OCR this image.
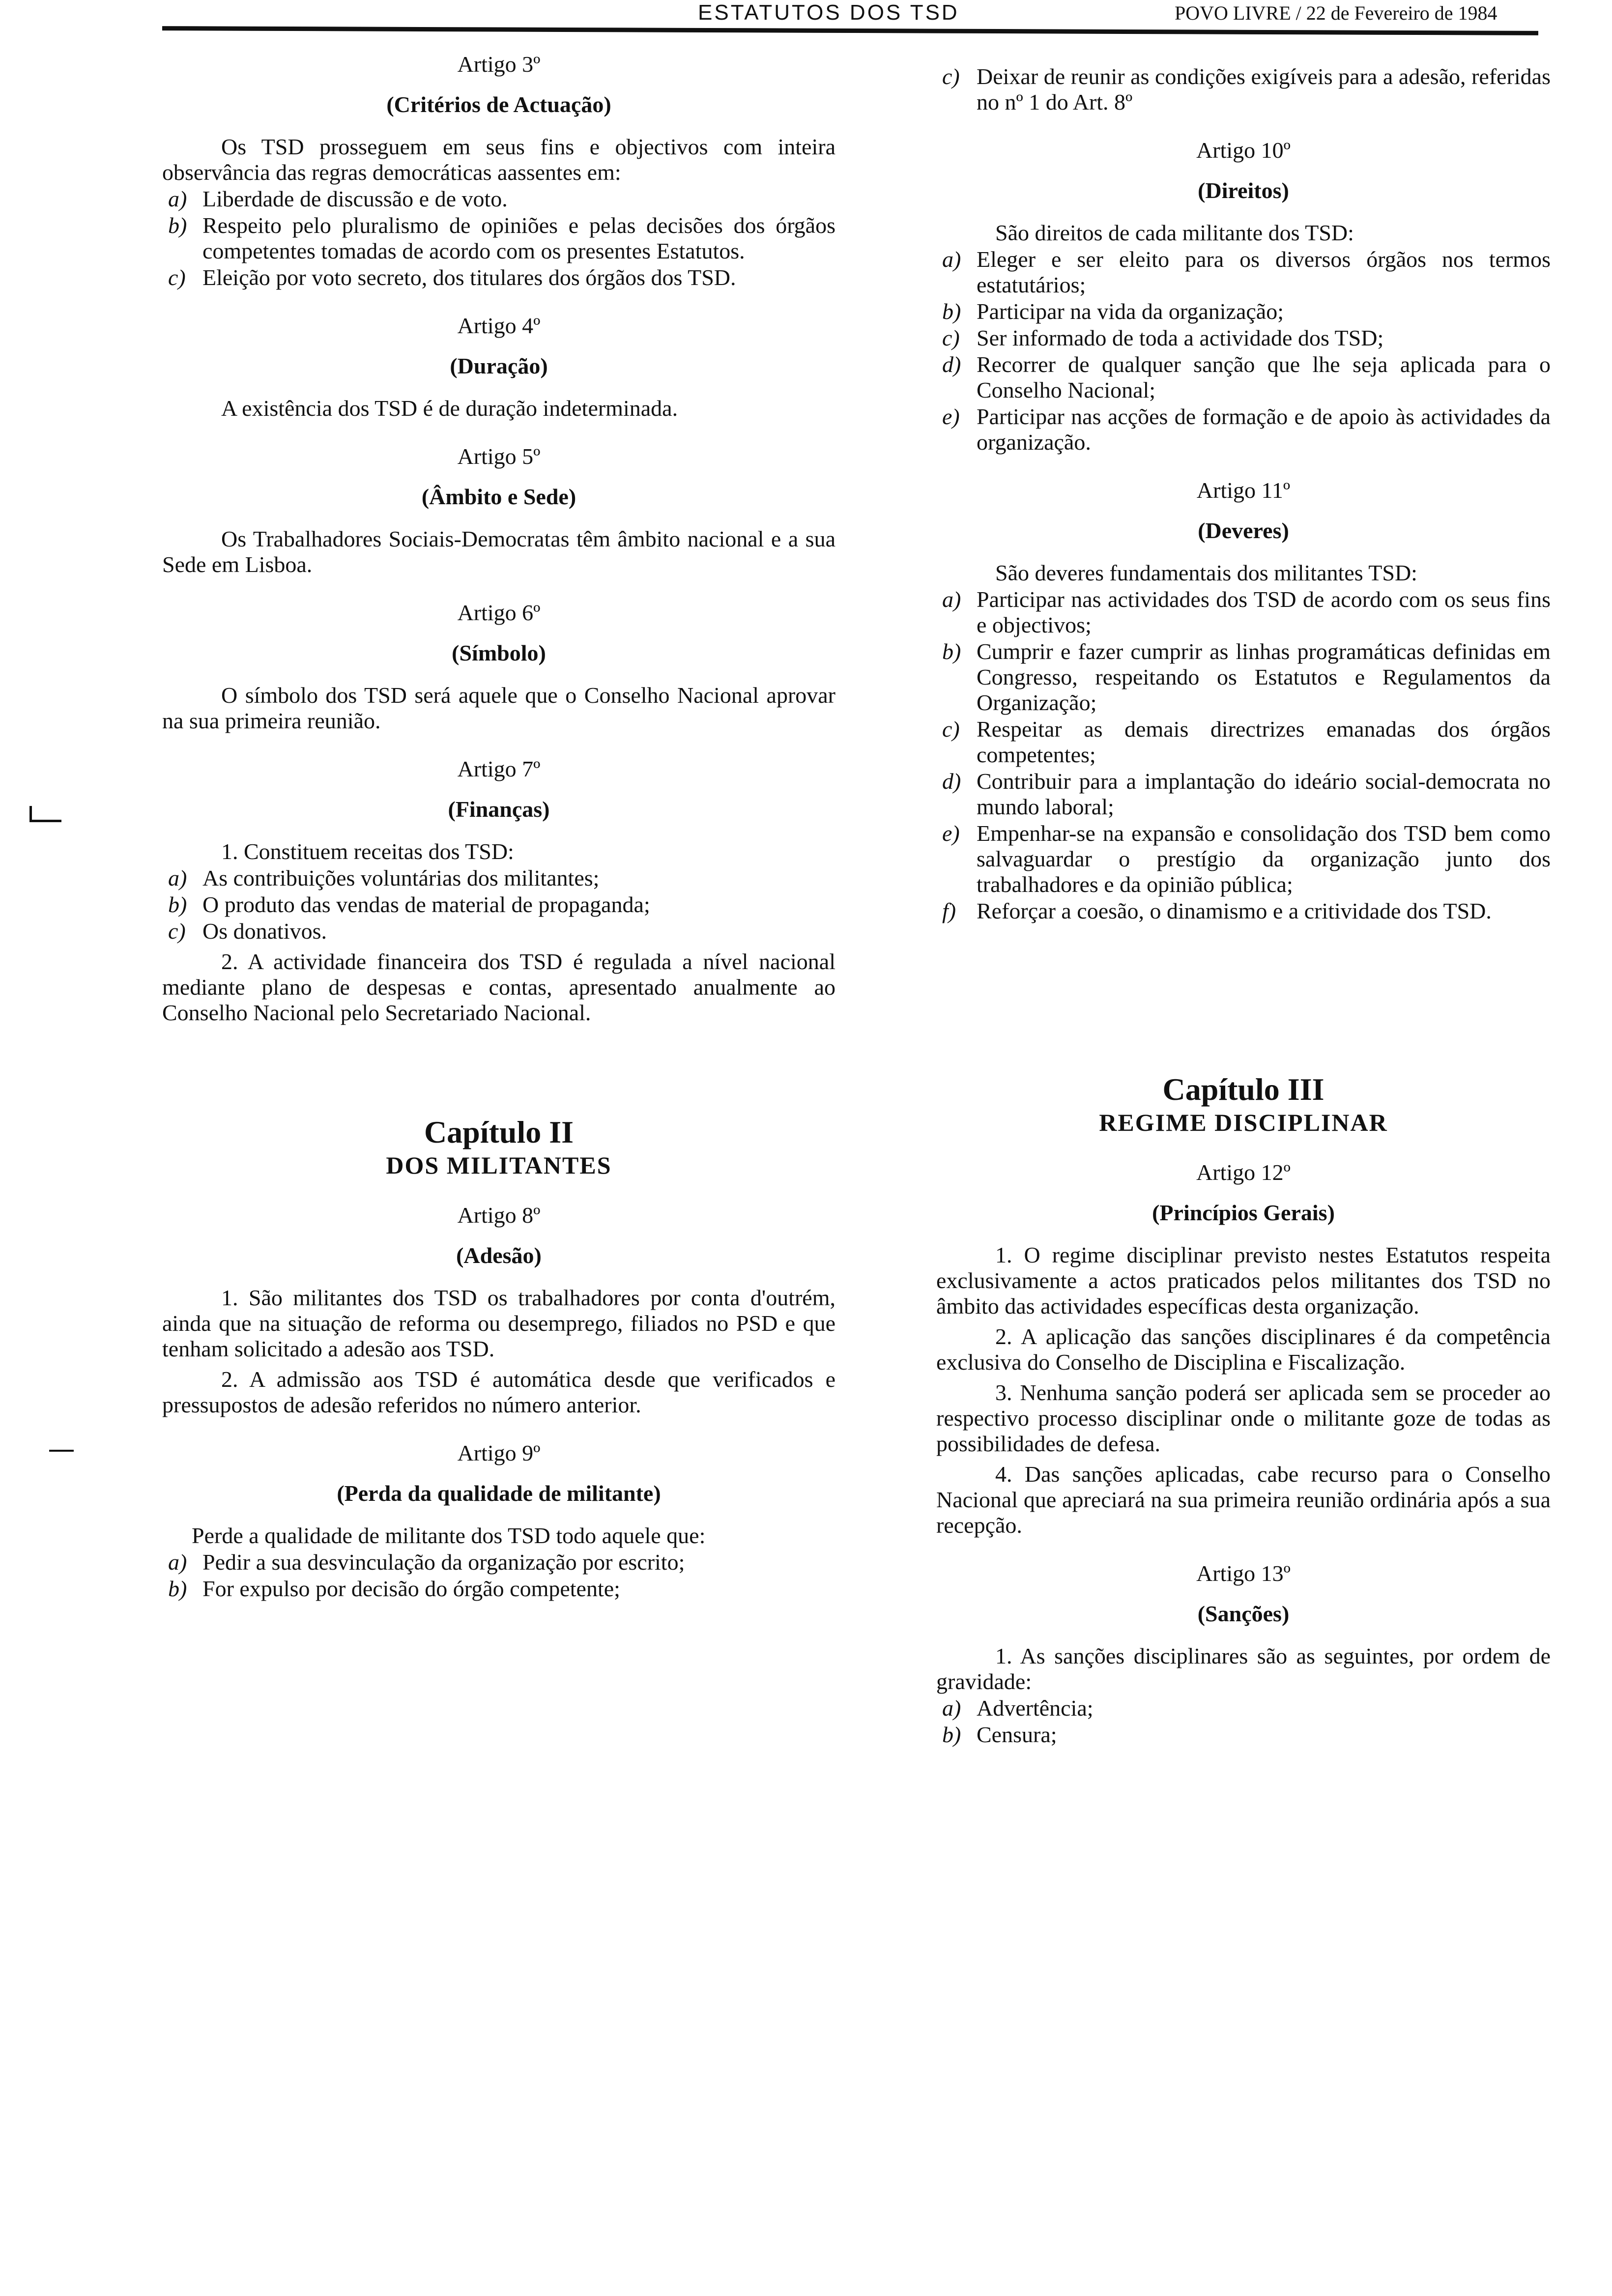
ESTATUTOS DOS TSD	POVO LIVRE / 22 de Fevereiro de 1984
Artigo 3º
(Critérios de Actuação)

Os TSD prosseguem em seus fins e objectivos com inteira observância das regras democráticas aassentes em:

a) Liberdade de discussão e de voto.
b) Respeito pelo pluralismo de opiniões e pelas decisões dos órgãos competentes tomadas de acordo com os presentes Estatutos.
c) Eleição por voto secreto, dos titulares dos órgãos dos TSD.
Artigo 4º
(Duração)

A existência dos TSD é de duração indeterminada.

Artigo 5º
(Âmbito e Sede)

Os Trabalhadores Sociais-Democratas têm âmbito nacional e a sua Sede em Lisboa.

Artigo 6º
(Símbolo)

O símbolo dos TSD será aquele que o Conselho Nacional aprovar na sua primeira reunião.

Artigo 7º
(Finanças)

1. Constituem receitas dos TSD:

a) As contribuições voluntárias dos militantes;
b) O produto das vendas de material de propaganda;
c) Os donativos.

2. A actividade financeira dos TSD é regulada a nível nacional mediante plano de despesas e contas, apresentado anualmente ao Conselho Nacional pelo Secretariado Nacional.

Capítulo II
DOS MILITANTES
Artigo 8º
(Adesão)

1. São militantes dos TSD os trabalhadores por conta d'outrém, ainda que na situação de reforma ou desemprego, filiados no PSD e que tenham solicitado a adesão aos TSD.

2. A admissão aos TSD é automática desde que verificados e pressupostos de adesão referidos no número anterior.

Artigo 9º
(Perda da qualidade de militante)

Perde a qualidade de militante dos TSD todo aquele que:

a) Pedir a sua desvinculação da organização por escrito;
b) For expulso por decisão do órgão competente;
c) Deixar de reunir as condições exigíveis para a adesão, referidas no nº 1 do Art. 8º
Artigo 10º
(Direitos)

São direitos de cada militante dos TSD:

a) Eleger e ser eleito para os diversos órgãos nos termos estatutários;
b) Participar na vida da organização;
c) Ser informado de toda a actividade dos TSD;
d) Recorrer de qualquer sanção que lhe seja aplicada para o Conselho Nacional;
e) Participar nas acções de formação e de apoio às actividades da organização.
Artigo 11º
(Deveres)

São deveres fundamentais dos militantes TSD:

a) Participar nas actividades dos TSD de acordo com os seus fins e objectivos;
b) Cumprir e fazer cumprir as linhas programáticas definidas em Congresso, respeitando os Estatutos e Regulamentos da Organização;
c) Respeitar as demais directrizes emanadas dos órgãos competentes;
d) Contribuir para a implantação do ideário social-democrata no mundo laboral;
e) Empenhar-se na expansão e consolidação dos TSD bem como salvaguardar o prestígio da organização junto dos trabalhadores e da opinião pública;
f) Reforçar a coesão, o dinamismo e a critividade dos TSD.
Capítulo III
REGIME DISCIPLINAR
Artigo 12º
(Princípios Gerais)

1. O regime disciplinar previsto nestes Estatutos respeita exclusivamente a actos praticados pelos militantes dos TSD no âmbito das actividades específicas desta organização.

2. A aplicação das sanções disciplinares é da competência exclusiva do Conselho de Disciplina e Fiscalização.

3. Nenhuma sanção poderá ser aplicada sem se proceder ao respectivo processo disciplinar onde o militante goze de todas as possibilidades de defesa.

4. Das sanções aplicadas, cabe recurso para o Conselho Nacional que apreciará na sua primeira reunião ordinária após a sua recepção.

Artigo 13º
(Sanções)

1. As sanções disciplinares são as seguintes, por ordem de gravidade:

a) Advertência;
b) Censura;
